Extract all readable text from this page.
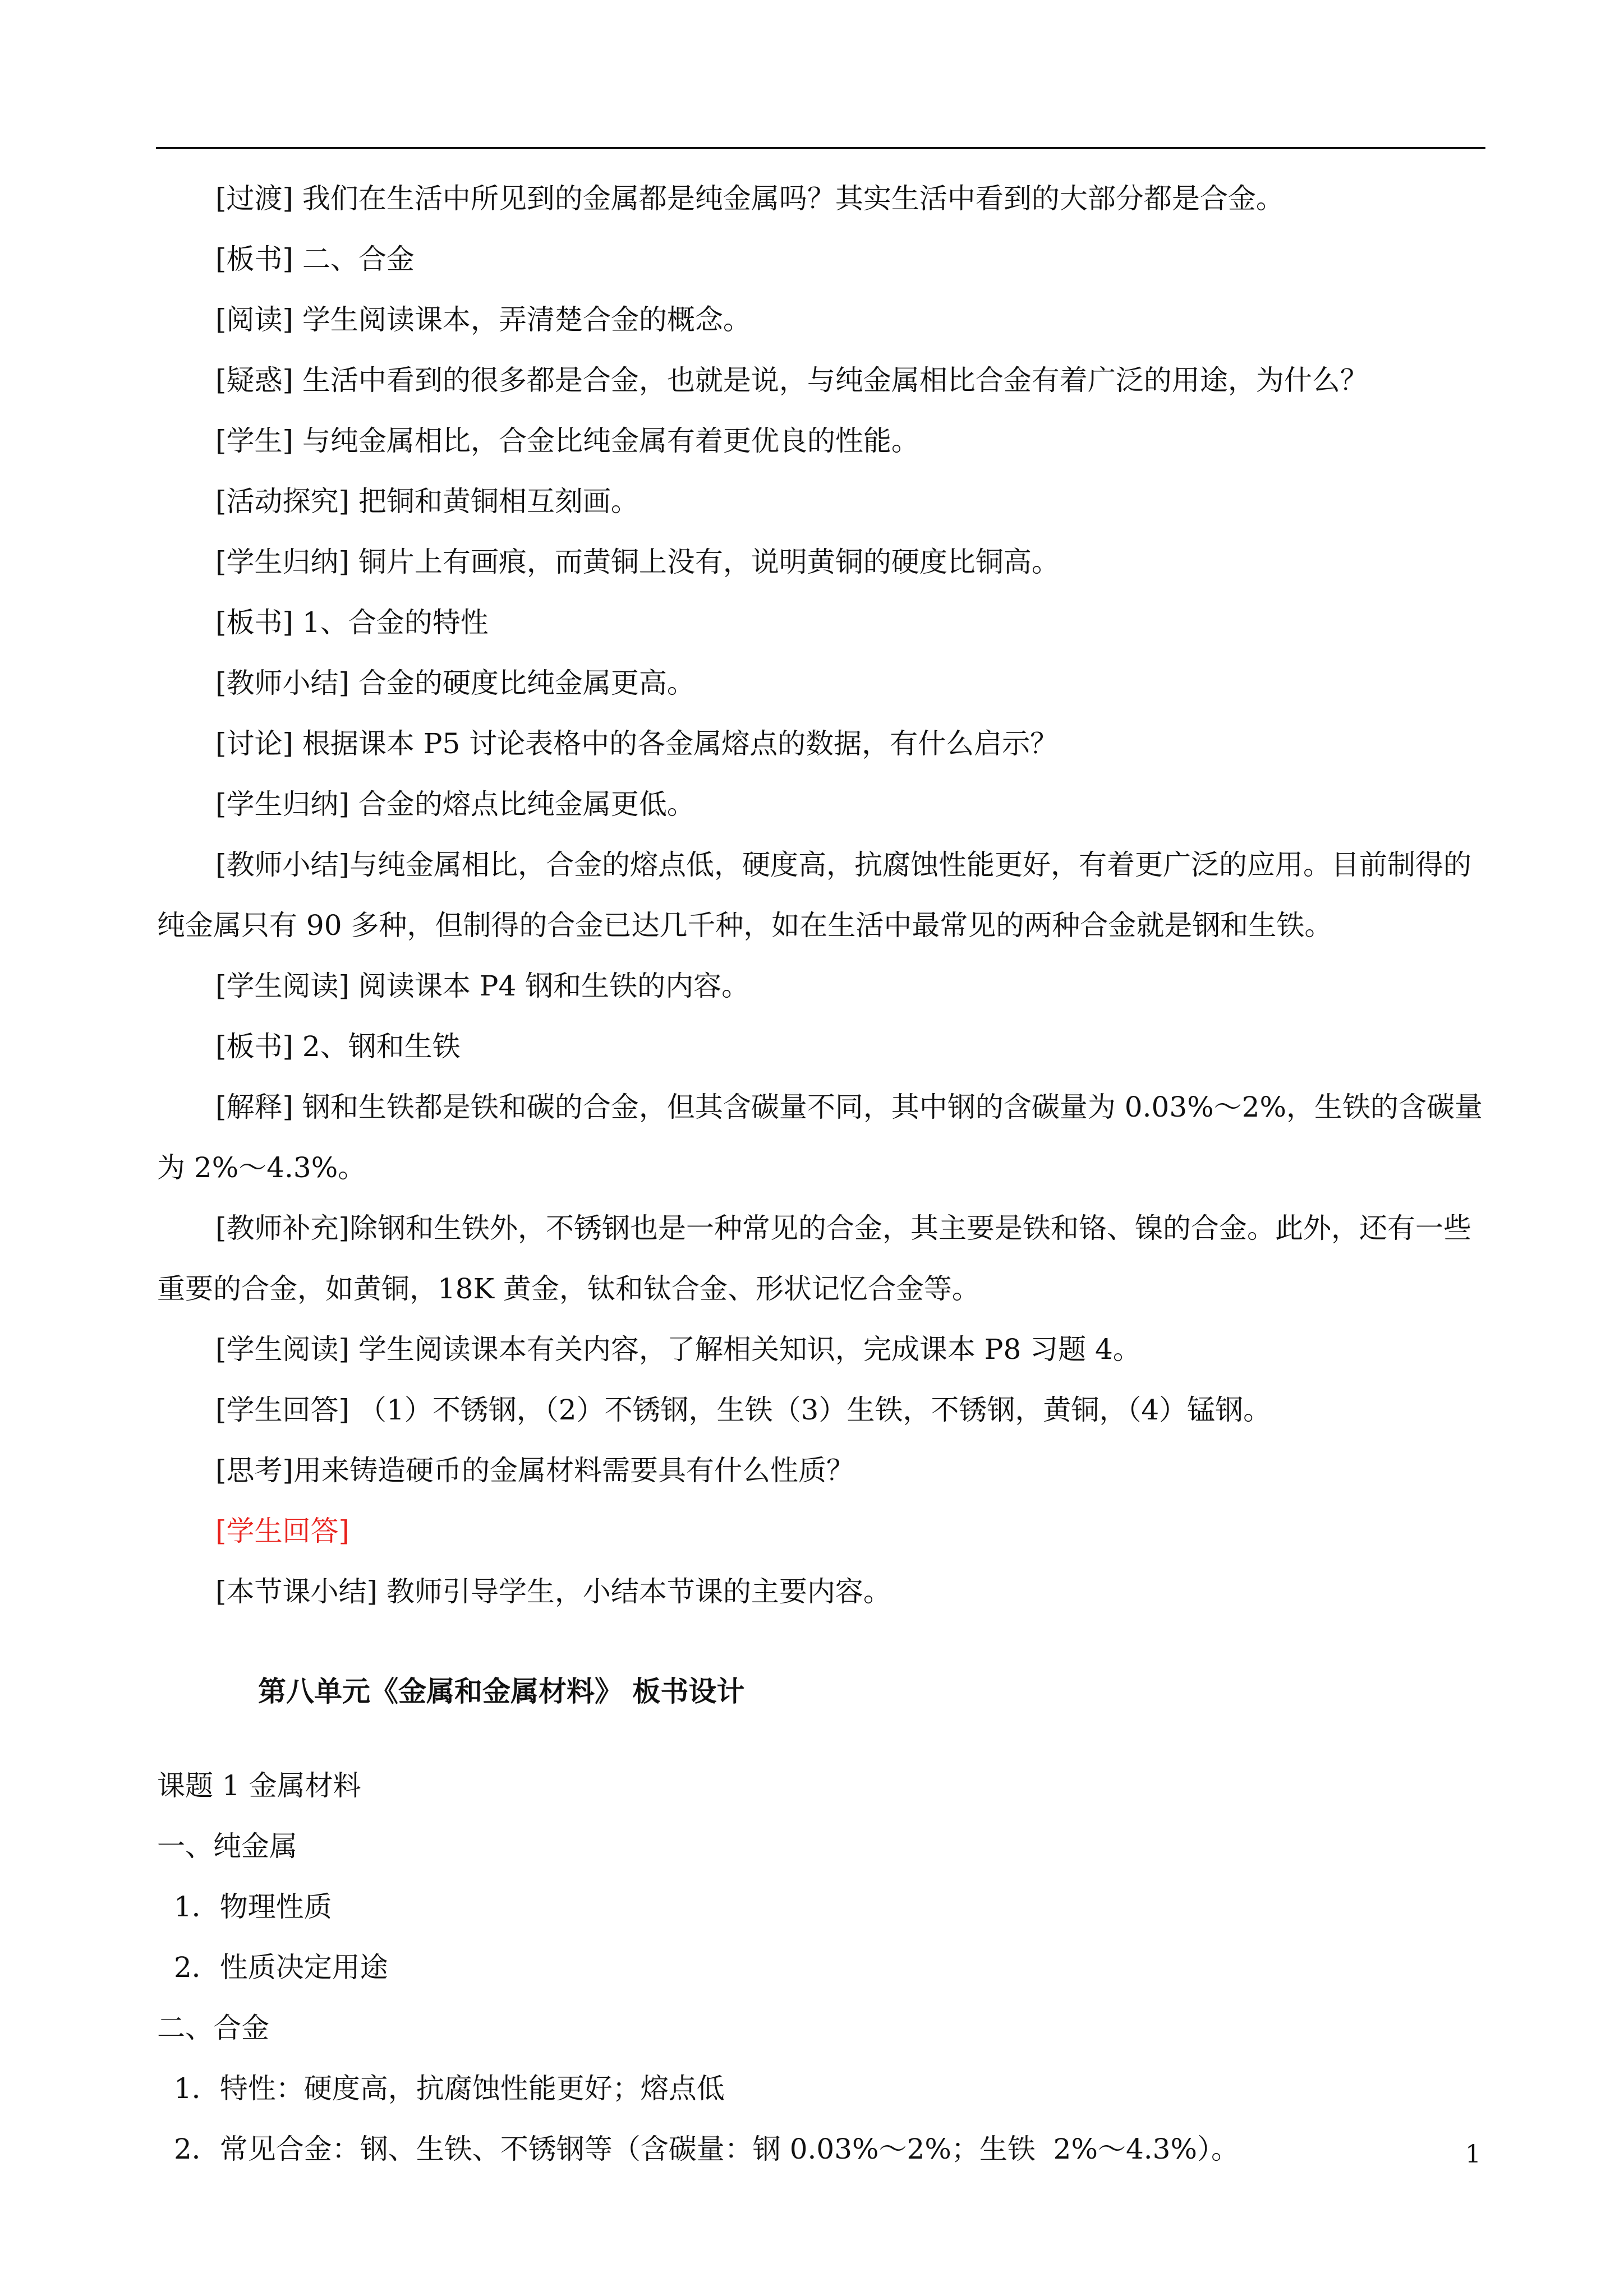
[过渡] 我们在生活中所见到的金属都是纯金属吗？其实生活中看到的大部分都是合金。

[板书] 二、合金

[阅读] 学生阅读课本，弄清楚合金的概念。

[疑惑] 生活中看到的很多都是合金，也就是说，与纯金属相比合金有着广泛的用途，为什么？

[学生] 与纯金属相比，合金比纯金属有着更优良的性能。

[活动探究] 把铜和黄铜相互刻画。

[学生归纳] 铜片上有画痕，而黄铜上没有，说明黄铜的硬度比铜高。

[板书] 1、合金的特性

[教师小结] 合金的硬度比纯金属更高。

[讨论] 根据课本 P5 讨论表格中的各金属熔点的数据，有什么启示？

[学生归纳] 合金的熔点比纯金属更低。

[教师小结]与纯金属相比，合金的熔点低，硬度高，抗腐蚀性能更好，有着更广泛的应用。目前制得的纯金属只有 90 多种，但制得的合金已达几千种，如在生活中最常见的两种合金就是钢和生铁。

[学生阅读] 阅读课本 P4 钢和生铁的内容。

[板书] 2、钢和生铁

[解释] 钢和生铁都是铁和碳的合金，但其含碳量不同，其中钢的含碳量为 0.03%～2%，生铁的含碳量为 2%～4.3%。

[教师补充]除钢和生铁外，不锈钢也是一种常见的合金，其主要是铁和铬、镍的合金。此外，还有一些重要的合金，如黄铜，18K 黄金，钛和钛合金、形状记忆合金等。

[学生阅读] 学生阅读课本有关内容，了解相关知识，完成课本 P8 习题 4。

[学生回答] （1）不锈钢，（2）不锈钢，生铁（3）生铁，不锈钢，黄铜，（4）锰钢。

[思考]用来铸造硬币的金属材料需要具有什么性质？

[学生回答]

[本节课小结] 教师引导学生，小结本节课的主要内容。

第八单元《金属和金属材料》 板书设计

课题 1 金属材料

一、纯金属

1．物理性质

2．性质决定用途

二、合金

1．特性：硬度高，抗腐蚀性能更好；熔点低

2．常见合金：钢、生铁、不锈钢等（含碳量：钢 0.03%～2%；生铁  2%～4.3%）。	1
